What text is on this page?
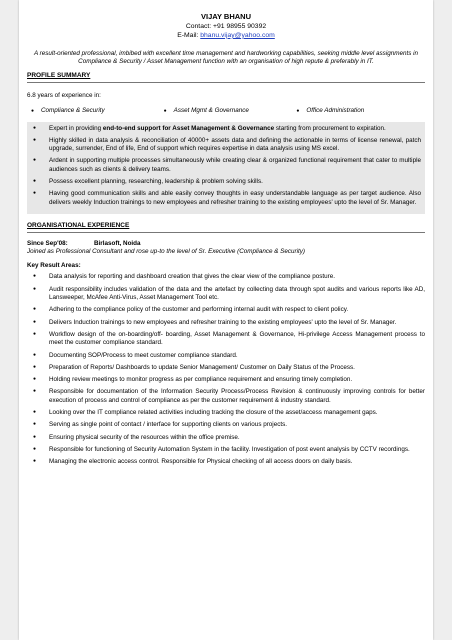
VIJAY BHANU
Contact: +91 98955 90392
E-Mail: bhanu.vijay@yahoo.com
A result-oriented professional, imbibed with excellent time management and hardworking capabilities, seeking middle level assignments in Compliance & Security / Asset Management function with an organisation of high repute & preferably in IT.
PROFILE SUMMARY
6.8 years of experience in:
● Compliance & Security	● Asset Mgmt & Governance	● Office Administration
● Expert in providing end-to-end support for Asset Management & Governance starting from procurement to expiration.
● Highly skilled in data analysis & reconciliation of 40000+ assets data and defining the actionable in terms of license renewal, patch upgrade, surrender, End of life, End of support which requires expertise in data analysis using MS excel.
● Ardent in supporting multiple processes simultaneously while creating clear & organized functional requirement that cater to multiple audiences such as clients & delivery teams.
● Possess excellent planning, researching, leadership & problem solving skills.
● Having good communication skills and able easily convey thoughts in easy understandable language as per target audience. Also delivers weekly Induction trainings to new employees and refresher training to the existing employees' upto the level of Sr. Manager.
ORGANISATIONAL EXPERIENCE
Since Sep'08:	Birlasoft, Noida
Joined as Professional Consultant and rose up-to the level of Sr. Executive (Compliance & Security)
Key Result Areas:
● Data analysis for reporting and dashboard creation that gives the clear view of the compliance posture.
● Audit responsibility includes validation of the data and the artefact by collecting data through spot audits and various reports like AD, Lansweeper, McAfee Anti-Virus, Asset Management Tool etc.
● Adhering to the compliance policy of the customer and performing internal audit with respect to client policy.
● Delivers Induction trainings to new employees and refresher training to the existing employees' upto the level of Sr. Manager.
● Workflow design of the on-boarding/off- boarding, Asset Management & Governance, Hi-privilege Access Management process to meet the customer compliance standard.
● Documenting SOP/Process to meet customer compliance standard.
● Preparation of Reports/ Dashboards to update Senior Management/ Customer on Daily Status of the Process.
● Holding review meetings to monitor progress as per compliance requirement and ensuring timely completion.
● Responsible for documentation of the Information Security Process/Process Revision & continuously improving controls for better execution of process and control of compliance as per the customer requirement & industry standard.
● Looking over the IT compliance related activities including tracking the closure of the asset/access management gaps.
● Serving as single point of contact / interface for supporting clients on various projects.
● Ensuring physical security of the resources within the office premise.
● Responsible for functioning of Security Automation System in the facility. Investigation of post event analysis by CCTV recordings.
● Managing the electronic access control. Responsible for Physical checking of all access doors on daily basis.
